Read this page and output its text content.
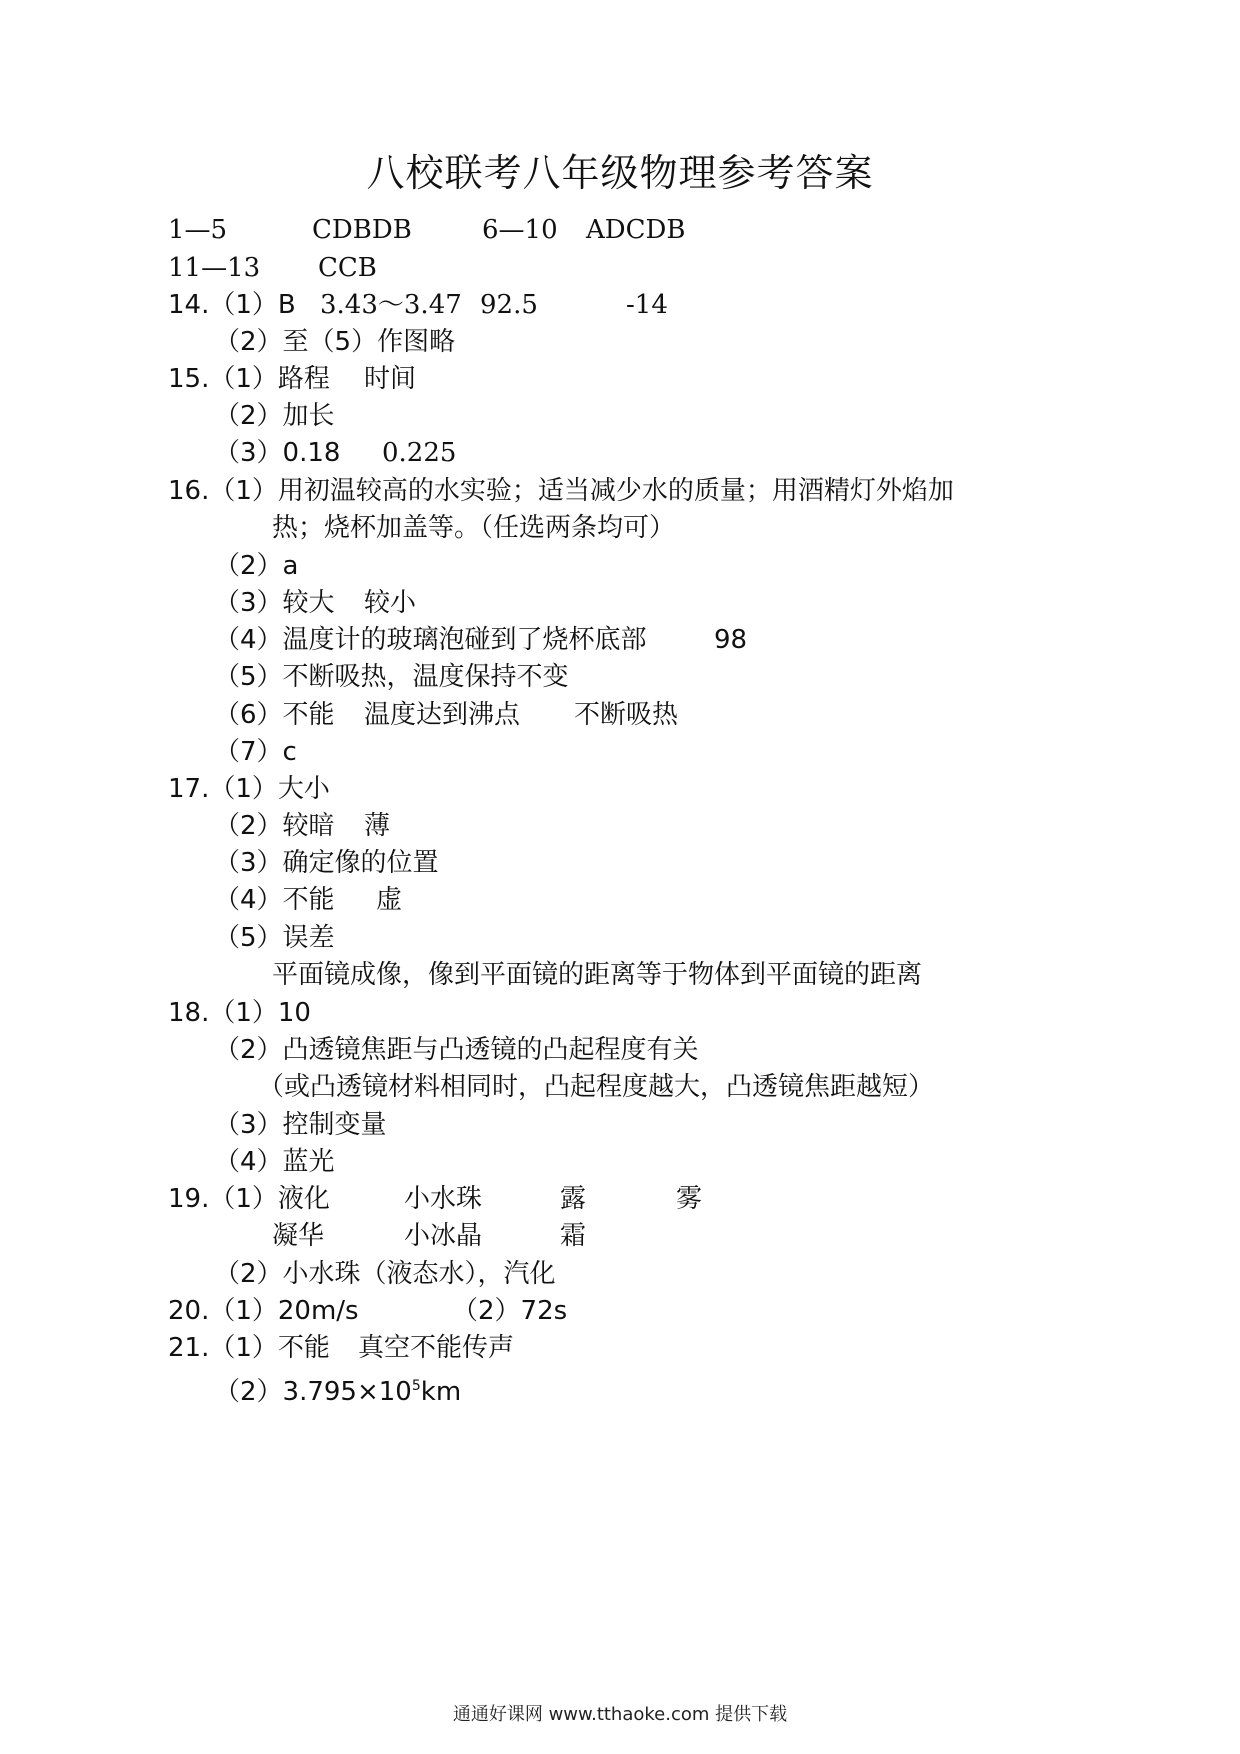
八校联考八年级物理参考答案
1—5	CDBDB	6—10 ADCDB
11—13 CCB
14.（1）B 3.43～3.47 92.5	-14
（2）至（5）作图略
15.（1）路程 时间
（2）加长
（3）0.18 0.225
16.（1）用初温较高的水实验；适当减少水的质量；用酒精灯外焰加
热；烧杯加盖等。（任选两条均可）
（2）a
（3）较大 较小
（4）温度计的玻璃泡碰到了烧杯底部	98
（5）不断吸热，温度保持不变
（6）不能 温度达到沸点 不断吸热
（7）c
17.（1）大小
（2）较暗 薄
（3）确定像的位置
（4）不能 虚
（5）误差
平面镜成像，像到平面镜的距离等于物体到平面镜的距离
18.（1）10
（2）凸透镜焦距与凸透镜的凸起程度有关
（或凸透镜材料相同时，凸起程度越大，凸透镜焦距越短）
（3）控制变量
（4）蓝光
19.（1）液化	小水珠	露	雾
凝华	小冰晶	霜
（2）小水珠（液态水），汽化
20.（1）20m/s	（2）72s
21.（1）不能 真空不能传声
$(2)3.795\times 10^5km$
通通好课网 www.tthaoke.com 提供下载
